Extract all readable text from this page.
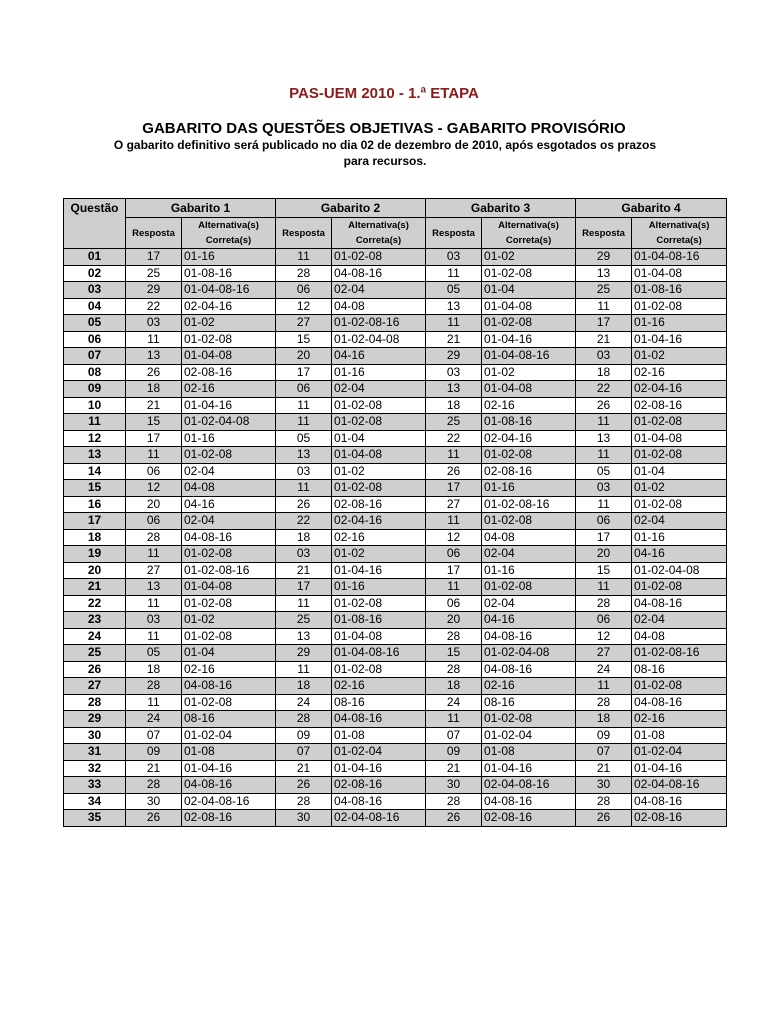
PAS-UEM 2010 - 1.ª ETAPA
GABARITO DAS QUESTÕES OBJETIVAS - GABARITO PROVISÓRIO
O gabarito definitivo será publicado no dia 02 de dezembro de 2010, após esgotados os prazos
para recursos.
Questão	Gabarito 1		Gabarito 2		Gabarito 3		Gabarito 4	
	Resposta	Alternativa(s)	Resposta	Alternativa(s)	Resposta	Alternativa(s)	Resposta	Alternativa(s)
		Correta(s)		Correta(s)		Correta(s)		Correta(s)
01	17	01-16	11	01-02-08	03	01-02	29	01-04-08-16
02	25	01-08-16	28	04-08-16	11	01-02-08	13	01-04-08
03	29	01-04-08-16	06	02-04	05	01-04	25	01-08-16
04	22	02-04-16	12	04-08	13	01-04-08	11	01-02-08
05	03	01-02	27	01-02-08-16	11	01-02-08	17	01-16
06	11	01-02-08	15	01-02-04-08	21	01-04-16	21	01-04-16
07	13	01-04-08	20	04-16	29	01-04-08-16	03	01-02
08	26	02-08-16	17	01-16	03	01-02	18	02-16
09	18	02-16	06	02-04	13	01-04-08	22	02-04-16
10	21	01-04-16	11	01-02-08	18	02-16	26	02-08-16
11	15	01-02-04-08	11	01-02-08	25	01-08-16	11	01-02-08
12	17	01-16	05	01-04	22	02-04-16	13	01-04-08
13	11	01-02-08	13	01-04-08	11	01-02-08	11	01-02-08
14	06	02-04	03	01-02	26	02-08-16	05	01-04
15	12	04-08	11	01-02-08	17	01-16	03	01-02
16	20	04-16	26	02-08-16	27	01-02-08-16	11	01-02-08
17	06	02-04	22	02-04-16	11	01-02-08	06	02-04
18	28	04-08-16	18	02-16	12	04-08	17	01-16
19	11	01-02-08	03	01-02	06	02-04	20	04-16
20	27	01-02-08-16	21	01-04-16	17	01-16	15	01-02-04-08
21	13	01-04-08	17	01-16	11	01-02-08	11	01-02-08
22	11	01-02-08	11	01-02-08	06	02-04	28	04-08-16
23	03	01-02	25	01-08-16	20	04-16	06	02-04
24	11	01-02-08	13	01-04-08	28	04-08-16	12	04-08
25	05	01-04	29	01-04-08-16	15	01-02-04-08	27	01-02-08-16
26	18	02-16	11	01-02-08	28	04-08-16	24	08-16
27	28	04-08-16	18	02-16	18	02-16	11	01-02-08
28	11	01-02-08	24	08-16	24	08-16	28	04-08-16
29	24	08-16	28	04-08-16	11	01-02-08	18	02-16
30	07	01-02-04	09	01-08	07	01-02-04	09	01-08
31	09	01-08	07	01-02-04	09	01-08	07	01-02-04
32	21	01-04-16	21	01-04-16	21	01-04-16	21	01-04-16
33	28	04-08-16	26	02-08-16	30	02-04-08-16	30	02-04-08-16
34	30	02-04-08-16	28	04-08-16	28	04-08-16	28	04-08-16
35	26	02-08-16	30	02-04-08-16	26	02-08-16	26	02-08-16
